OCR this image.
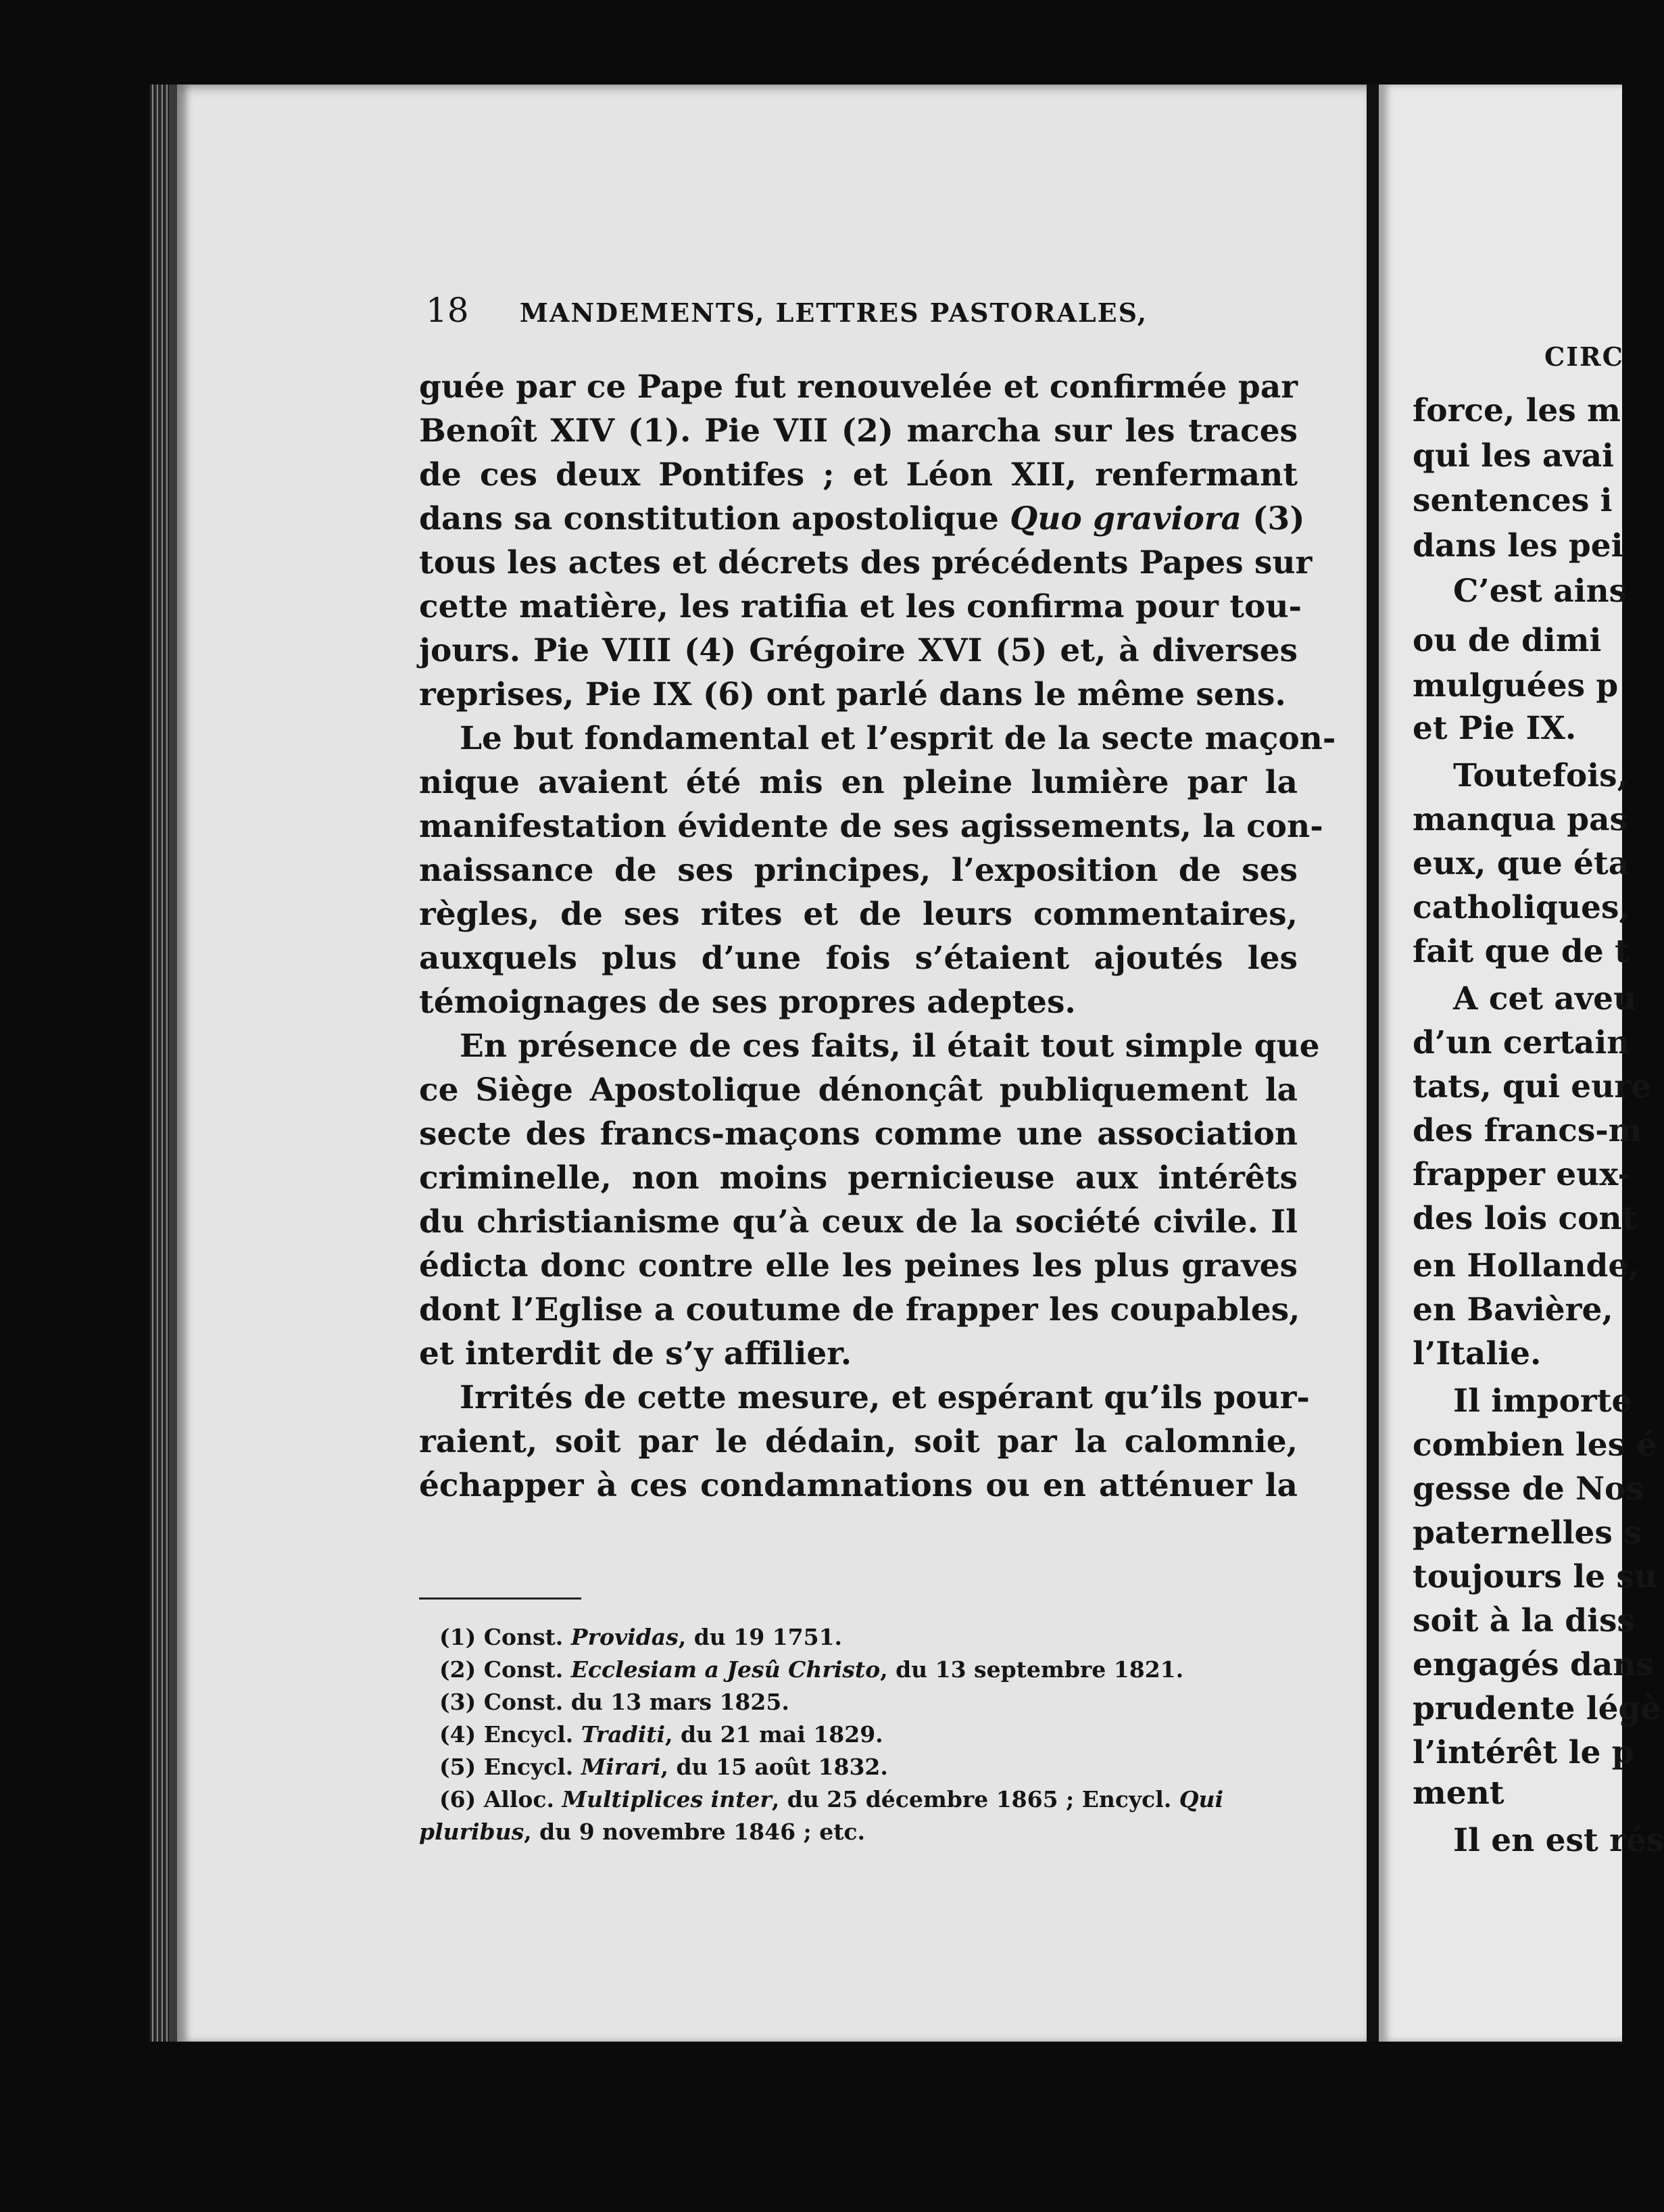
18 MANDEMENTS, LETTRES PASTORALES,
guée par ce Pape fut renouvelée et confirmée par
Benoît XIV (1). Pie VII (2) marcha sur les traces
de ces deux Pontifes ; et Léon XII, renfermant
dans sa constitution apostolique Quo graviora (3)
tous les actes et décrets des précédents Papes sur
cette matière, les ratifia et les confirma pour tou-
jours. Pie VIII (4) Grégoire XVI (5) et, à diverses
reprises, Pie IX (6) ont parlé dans le même sens.
Le but fondamental et l’esprit de la secte maçon-
nique avaient été mis en pleine lumière par la
manifestation évidente de ses agissements, la con-
naissance de ses principes, l’exposition de ses
règles, de ses rites et de leurs commentaires,
auxquels plus d’une fois s’étaient ajoutés les
témoignages de ses propres adeptes.
En présence de ces faits, il était tout simple que
ce Siège Apostolique dénonçât publiquement la
secte des francs-maçons comme une association
criminelle, non moins pernicieuse aux intérêts
du christianisme qu’à ceux de la société civile. Il
édicta donc contre elle les peines les plus graves
dont l’Eglise a coutume de frapper les coupables,
et interdit de s’y affilier.
Irrités de cette mesure, et espérant qu’ils pour-
raient, soit par le dédain, soit par la calomnie,
échapper à ces condamnations ou en atténuer la
(1) Const. Providas, du 19 1751.
(2) Const. Ecclesiam a Jesû Christo, du 13 septembre 1821.
(3) Const. du 13 mars 1825.
(4) Encycl. Traditi, du 21 mai 1829.
(5) Encycl. Mirari, du 15 août 1832.
(6) Alloc. Multiplices inter, du 25 décembre 1865 ; Encycl. Qui
pluribus, du 9 novembre 1846 ; etc.
CIRC
force, les m
qui les avai
sentences i
dans les pei
C’est ains
ou de dimi
mulguées p
et Pie IX.
Toutefois,
manqua pas
eux, que éta
catholiques,
fait que de t
A cet aveu
d’un certain
tats, qui eure
des francs-m
frapper eux-
des lois cont
en Hollande,
en Bavière,
l’Italie.
Il importe
combien les é
gesse de Nos
paternelles s
toujours le su
soit à la diss
engagés dans
prudente légè
l’intérêt le p
ment
Il en est rés
